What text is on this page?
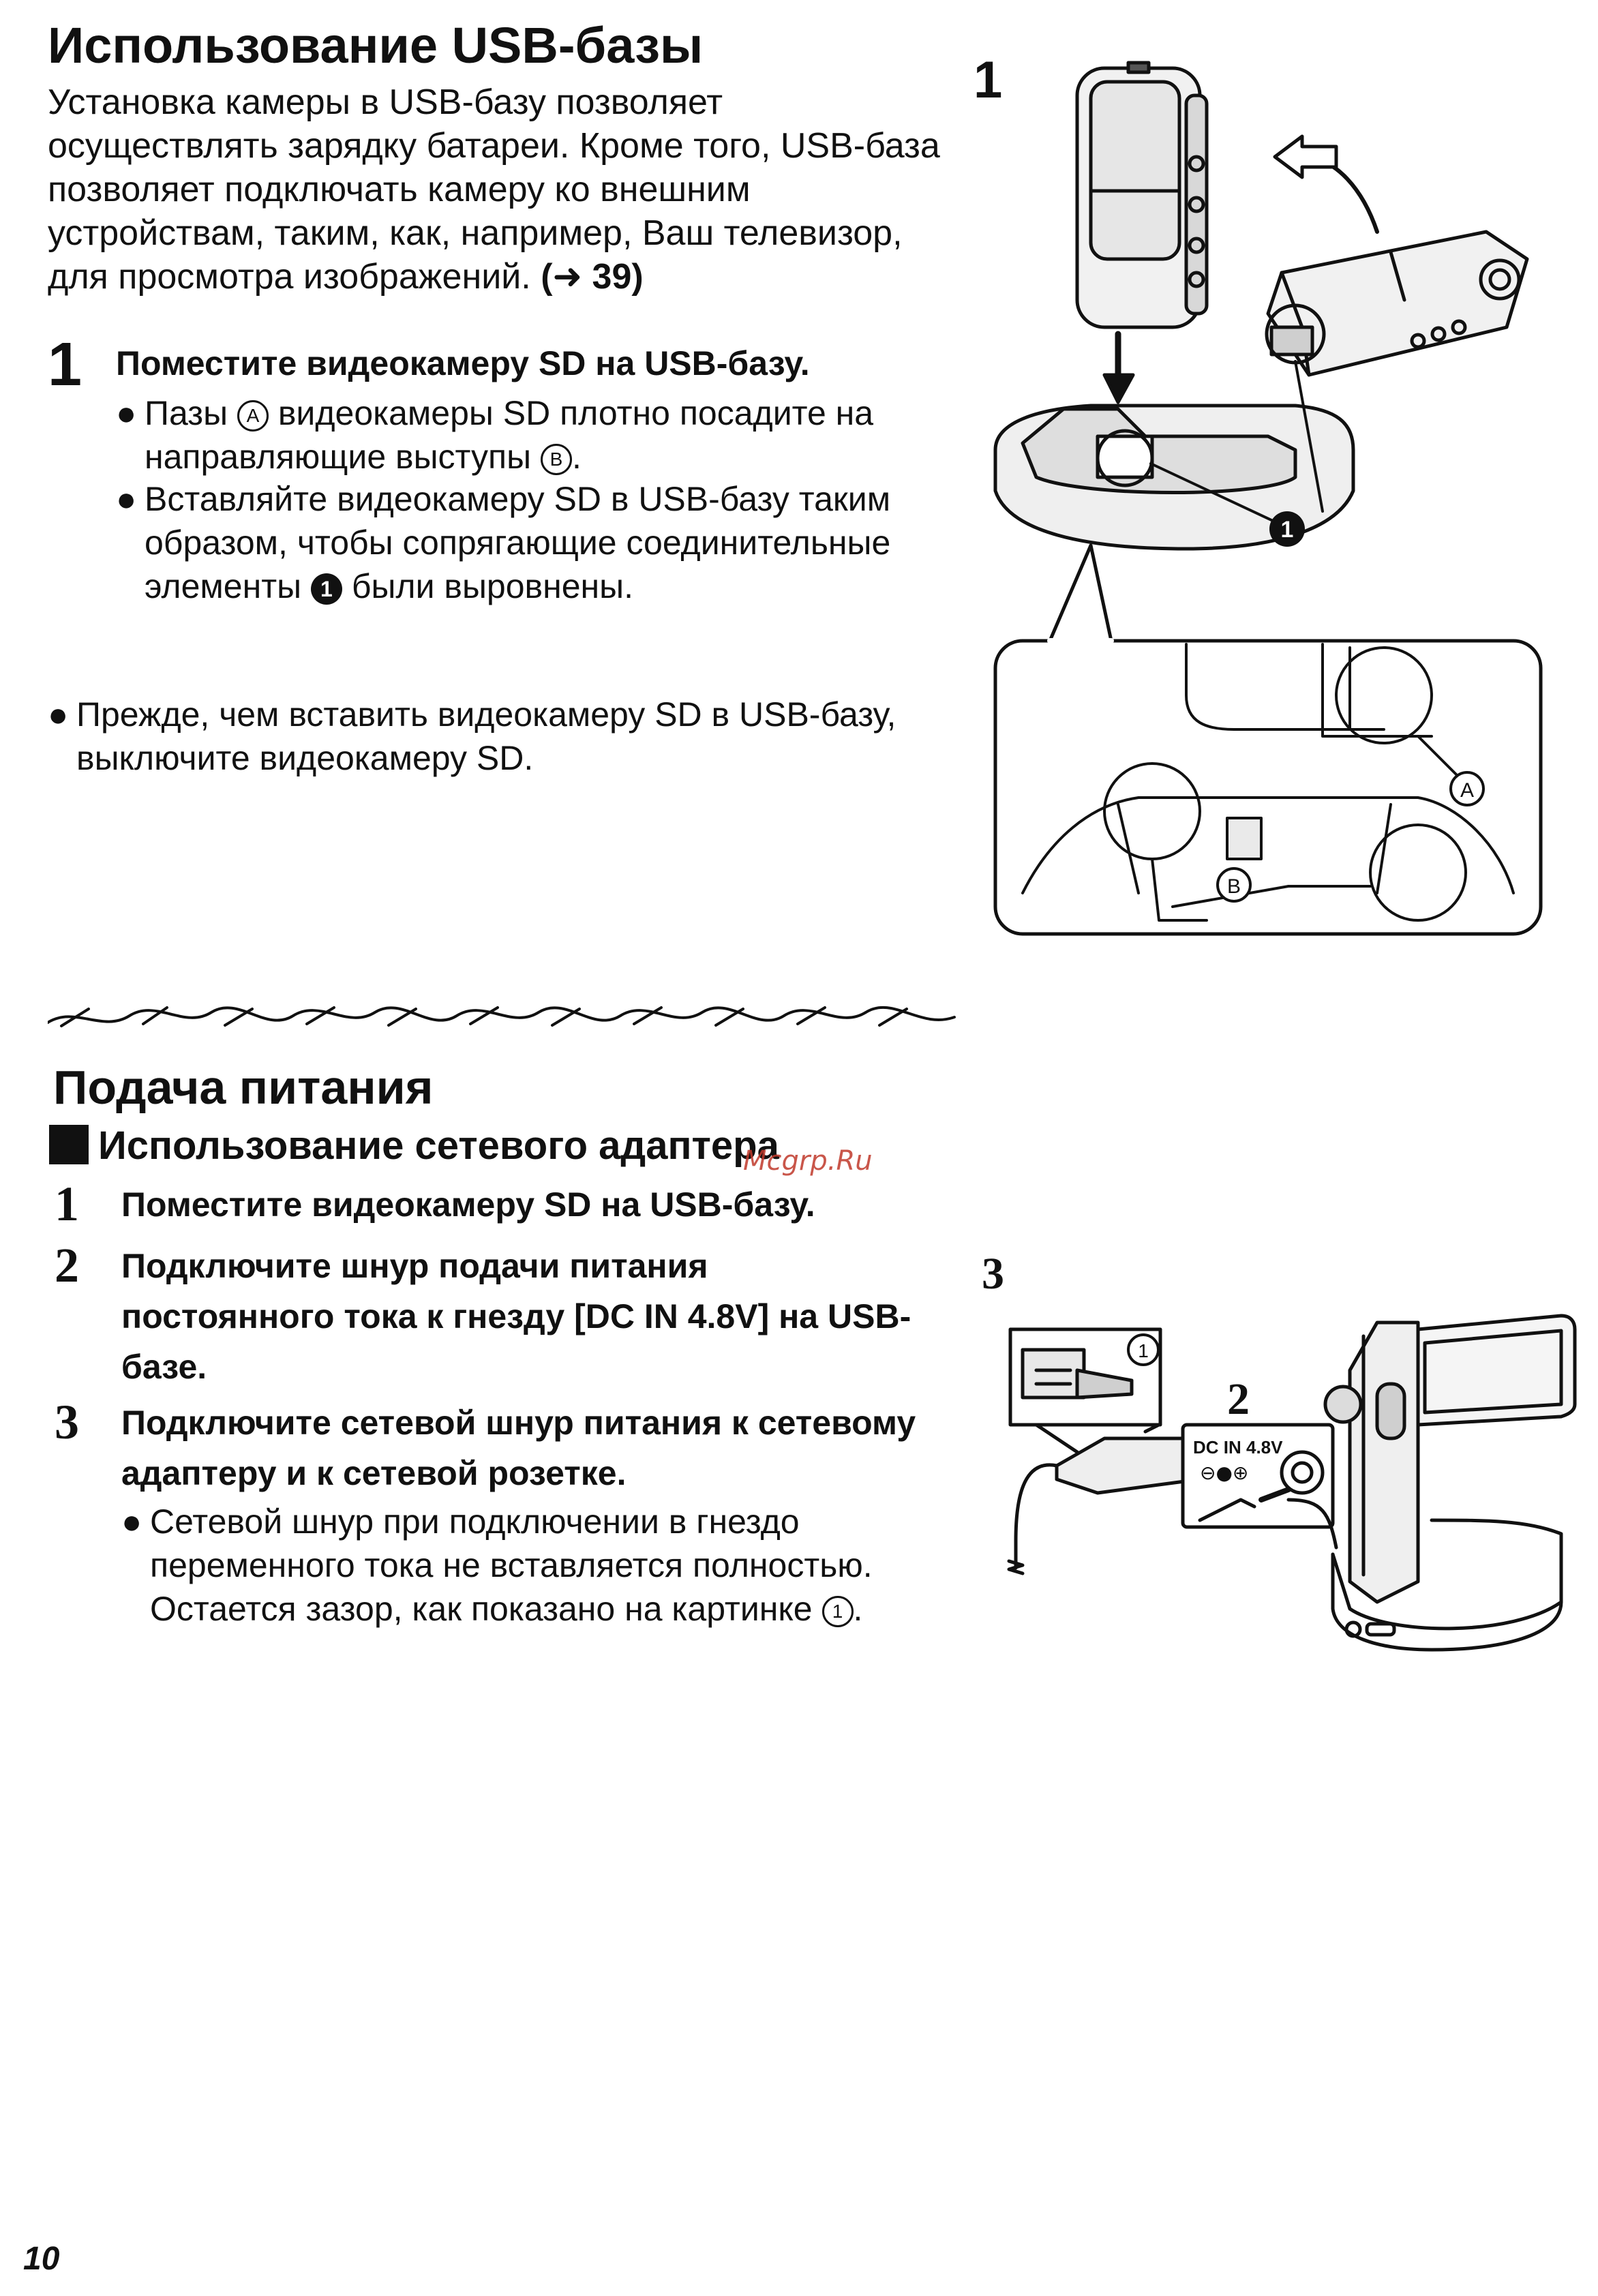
Использование USB-базы

Установка камеры в USB-базу позволяет осуществлять зарядку батареи. Кроме того, USB-база позволяет подключать камеру ко внешним устройствам, таким, как, например, Ваш телевизор, для просмотра изображений. (➜ 39)

1 Поместите видеокамеру SD на USB-базу.

● Пазы A видеокамеры SD плотно посадите на направляющие выступы B .

● Вставляйте видеокамеру SD в USB-базу таким образом, чтобы сопрягающие соединительные элементы 1 были выровнены.

● Прежде, чем вставить видеокамеру SD в USB-базу, выключите видеокамеру SD.

1
1
A
B
Подача питания
Использование сетевого адаптера
Mcgrp.Ru
1 Поместите видеокамеру SD на USB-базу.

2 Подключите шнур подачи питания постоянного тока к гнезду [DC IN 4.8V] на USB-базе.

3 Подключите сетевой шнур питания к сетевому адаптеру и к сетевой розетке.

● Сетевой шнур при подключении в гнездо переменного тока не вставляется полностью. Остается зазор, как показано на картинке 1 .

3
2
1
DC IN 4.8V
⊖●⊕
10
